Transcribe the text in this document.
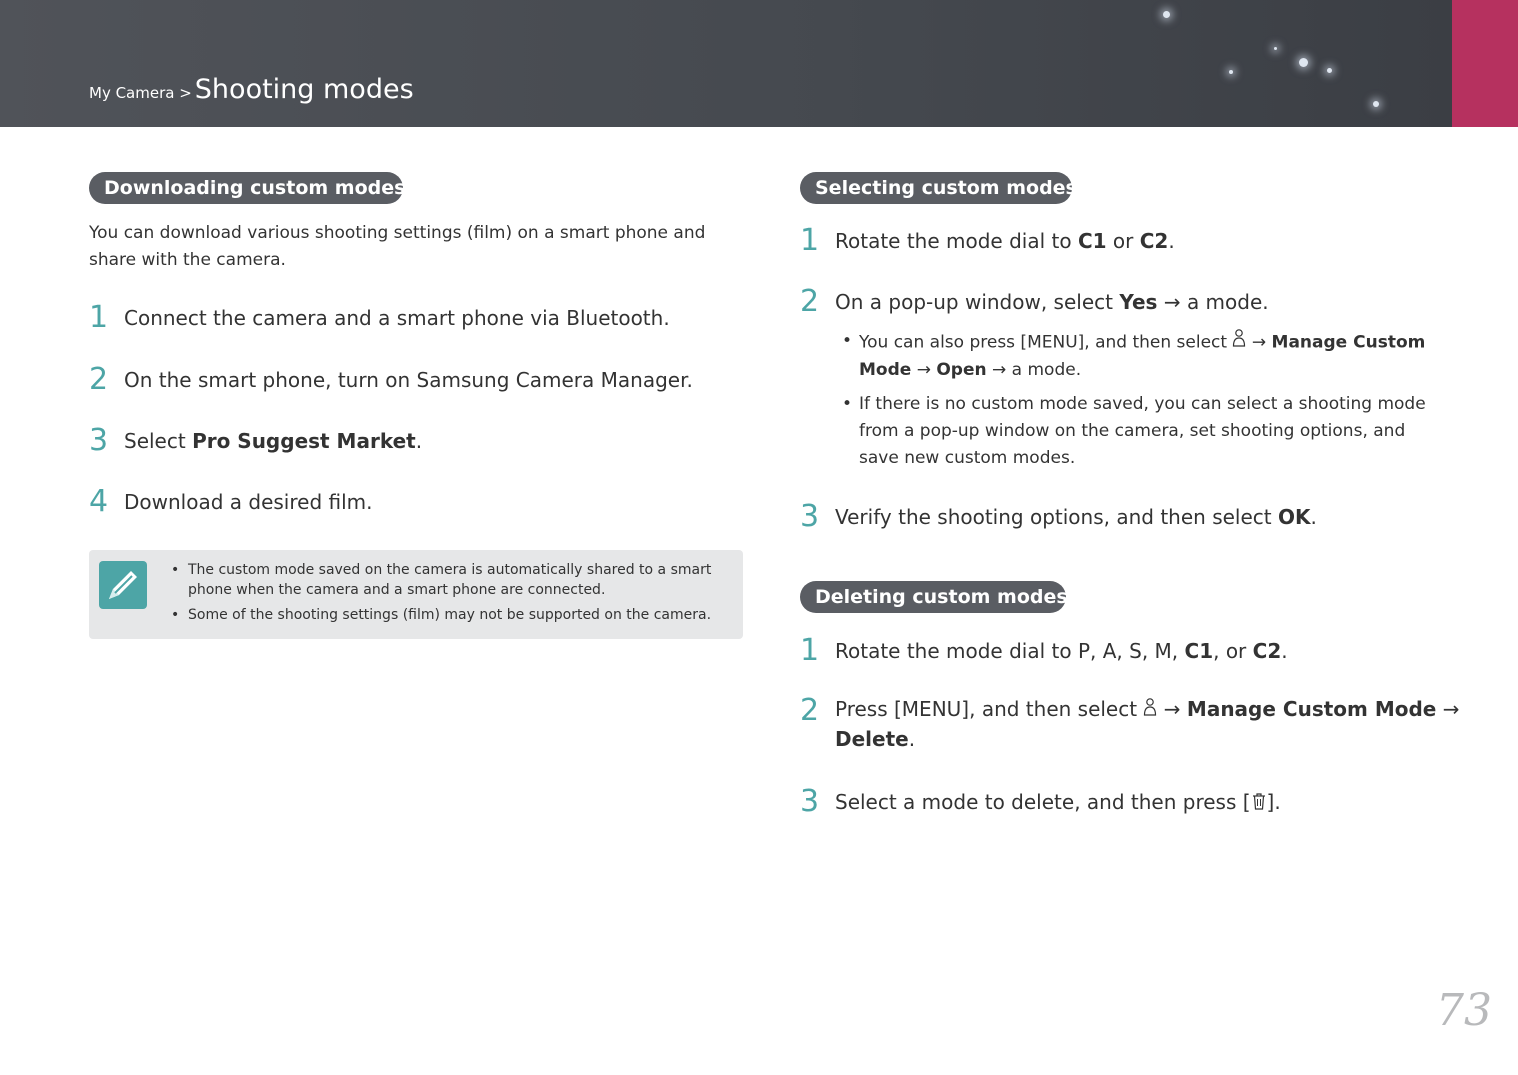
My Camera > Shooting modes
Downloading custom modes
You can download various shooting settings (film) on a smart phone and
share with the camera.
1 Connect the camera and a smart phone via Bluetooth.
2 On the smart phone, turn on Samsung Camera Manager.
3 Select Pro Suggest Market.
4 Download a desired film.
• The custom mode saved on the camera is automatically shared to a smart
phone when the camera and a smart phone are connected.
• Some of the shooting settings (film) may not be supported on the camera.
Selecting custom modes
1 Rotate the mode dial to C1 or C2.
2 On a pop-up window, select Yes → a mode.
• You can also press [MENU], and then select  → Manage Custom
Mode → Open → a mode.
• If there is no custom mode saved, you can select a shooting mode
from a pop-up window on the camera, set shooting options, and
save new custom modes.
3 Verify the shooting options, and then select OK.
Deleting custom modes
1 Rotate the mode dial to P, A, S, M, C1, or C2.
2 Press [MENU], and then select  → Manage Custom Mode →
Delete.
3 Select a mode to delete, and then press [ ].
73
